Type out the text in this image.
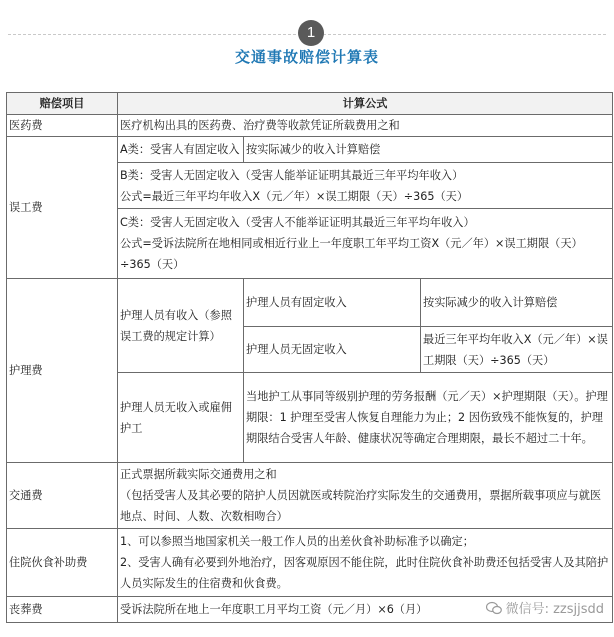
1
交通事故赔偿计算表
赔偿项目	计算公式		
医药费	医疗机构出具的医药费、治疗费等收款凭证所载费用之和		
误工费	A类：受害人有固定收入	按实际减少的收入计算赔偿	

	B类：受害人无固定收入（受害人能举证证明其最近三年平均年收入）
公式=最近三年平均年收入X（元／年）×误工期限（天）÷365（天）		

	C类：受害人无固定收入（受害人不能举证证明其最近三年平均年收入）
公式=受诉法院所在地相同或相近行业上一年度职工年平均工资X（元／年）×误工期限（天） ÷365（天）		

护理费	护理人员有收入（参照误工费的规定计算）	护理人员有固定收入	按实际减少的收入计算赔偿
		护理人员无固定收入	最近三年平均年收入X（元／年）×误工期限（天）÷365（天）
	护理人员无收入或雇佣护工	当地护工从事同等级别护理的劳务报酬（元／天）×护理期限（天）。护理期限：1 护理至受害人恢复自理能力为止；2 因伤致残不能恢复的，护理期限结合受害人年龄、健康状况等确定合理期限，最长不超过二十年。	
交通费	正式票据所载实际交通费用之和
（包括受害人及其必要的陪护人员因就医或转院治疗实际发生的交通费用，票据所载事项应与就医地点、时间、人数、次数相吻合）		

住院伙食补助费	1、可以参照当地国家机关一般工作人员的出差伙食补助标准予以确定；
2、受害人确有必要到外地治疗，因客观原因不能住院，此时住院伙食补助费还包括受害人及其陪护人员实际发生的住宿费和伙食费。		

丧葬费	受诉法院所在地上一年度职工月平均工资（元／月）×6（月）			微信号: zzsjjsdd
